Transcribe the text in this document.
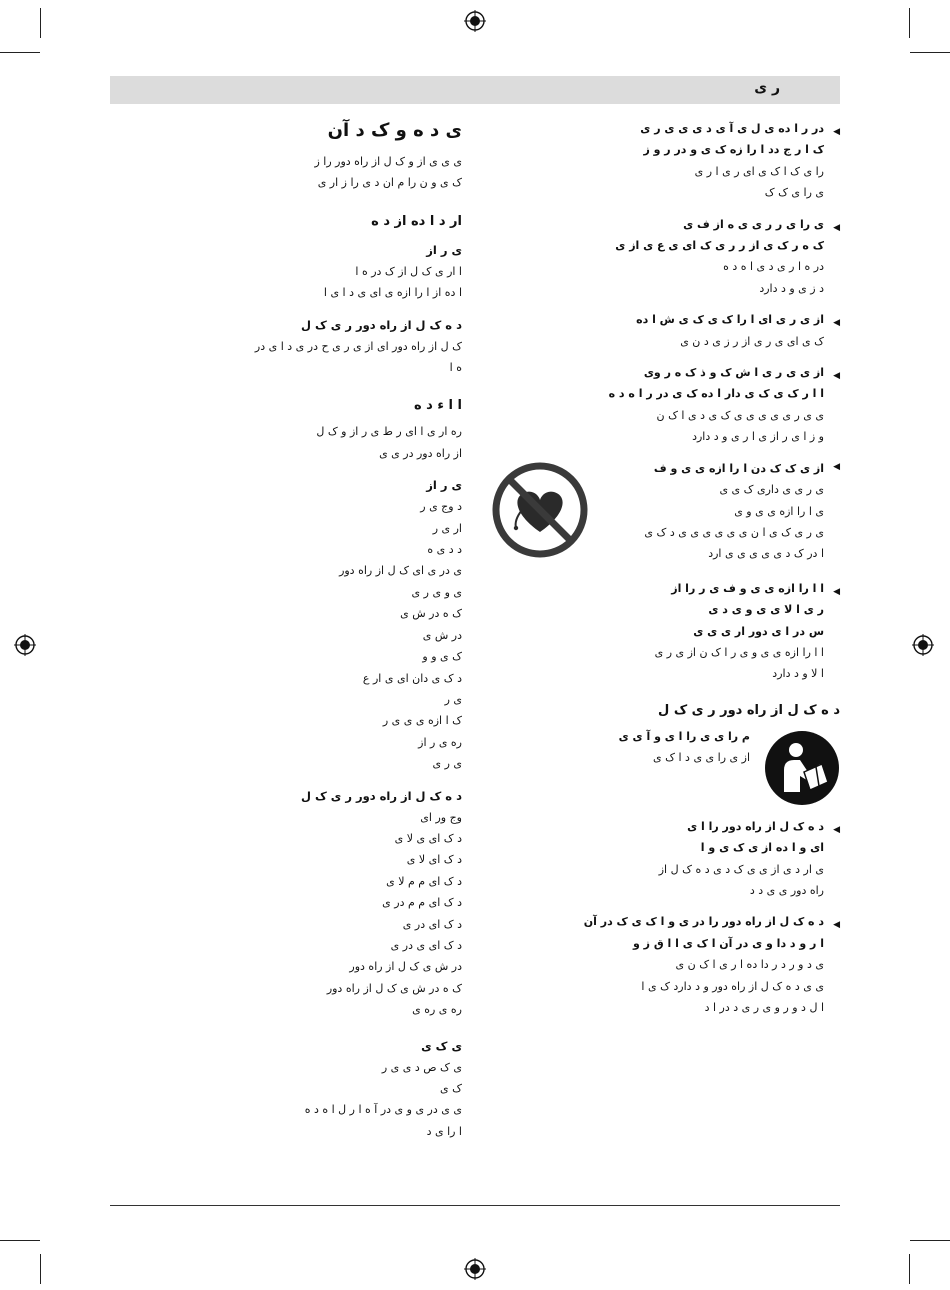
ر ی
ی د ه و ک د آن
ی ی ی از و ک ل از راه دور را ز
ک ی و ن را م ان د ی را ز ار ی
ار د ا ده از د ه
ی ر از
ا ار ی ک ل از ک در ه ا
ا ده از ا را ازه ی ای ی د ا ی ا
د ه ک ل از راه دور ر ی ک ل
ک ل از راه دور ای از ی ر ی ح در ی د ا ی در
ه ا
ا ا ء د ه
ره ار ی ا ای ر ط ی ر از و ک ل
از راه دور در ی ی
ی ر از
د وج ی ر
ار ی ر
د د ی ه
ی در ی ای ک ل از راه دور
ی و ی ر ی
ک ه در ش ی
در ش ی
ک ی و و
د ک ی دان ای ی ار ع
ی ر
ک ا ازه ی ی ی ر
ره ی ر از
ی ر ی
د ه ک ل از راه دور ر ی ک ل
وج ور ای
د ک ای ی لا ی
د ک ای لا ی
د ک ای م م لا ی
د ک ای م م در ی
د ک ای در ی
د ک ای ی در ی
در ش ی ک ل از راه دور
ک ه در ش ی ک ل از راه دور
ره ی ره ی
ی ک ی
ی ک ص د ی ی ر
ک ی
ی ی در ی و ی در آ ه ا ر ل ا ه د ه
ا را ی د
◀
در ر ا ده ی ل ی آ ی د ی ی ی ر ی
ک ا ر ج دد ا را زه ک ی و در ر و ز
را ی ک ا ک ی ای ر ی ا ر ی
ی را ی ک ک
◀
ی را ی ر ر ی ی ه از ف ی
ک ه ر ک ی از ر ر ی ک ای ی ع ی از ی
در ه ا ر ی د ی ا ه د ه
د ز ی و د دارد
◀
از ی ر ی ای ا را ک ی ک ی ش ا ده
ک ی ای ی ر ی از ر ز ی د ن ی
◀
از ی ی ر ی ا ش ک و ذ ک ه ر وی
ا ا ر ک ی ک ی دار ا ده ک ی در ر ا ه د ه
ی ی ر ی ی ی ی ی ک ی د ی ا ک ن
و ز ا ی ر از ی ا ر ی و د دارد
◀
از ی ک ک دن ا را ازه ی ی و ف
ی ر ی ی داری ک ی ی
ی ا را ازه ی ی و ی
ی ر ی ک ی ا ن ی ی ی ی ی ی د ک ی
ا در ک د ی ی ی ی ی ارد
◀
ا ا را ازه ی ی و ف ی ر را از
ر ی ا لا ی ی و ی د ی
س در ا ی دور ار ی ی ی
ا ا را ازه ی ی و ی ر ا ک ن از ی ر ی
ا لا و د دارد
د ه ک ل از راه دور ر ی ک ل
م را ی ی را ا ی و آ ی ی
از ی را ی ی د ا ک ی
◀
د ه ک ل از راه دور را ا ی
ای و ا ده از ی ک ی و ا
ی ار د ی از ی ی ک د ی د ه ک ل از
راه دور ی ی د د
◀
د ه ک ل از راه دور را در ی و ا ک ی ک در آن
ا ر و د دا و ی در آن ا ک ی ا ا ق ز و
ی د و ر د ر دا ده ا ر ی ا ک ن ی
ی ی د ه ک ل از راه دور و د دارد ک ی ا
ا ل د و ر و ی ر ی د در ا د
